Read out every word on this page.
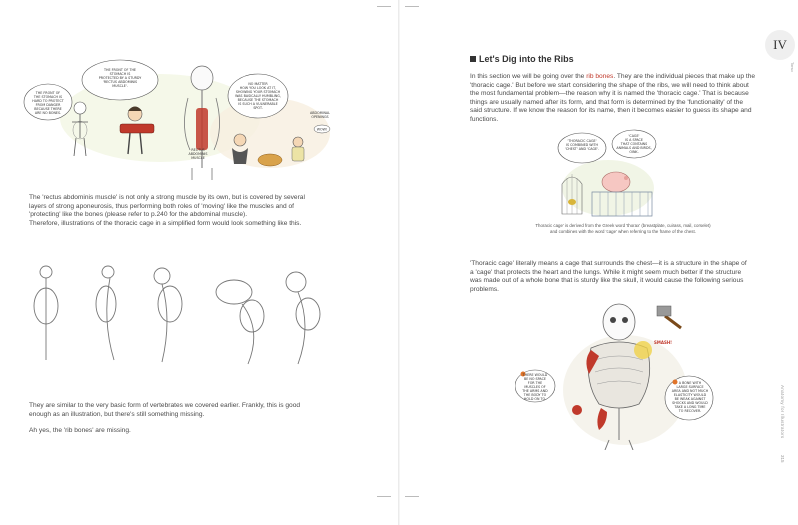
THE FRONT OF THE STOMACH IS HARD TO PROTECT FROM DANGER BECAUSE THERE ARE NO BONES.
THE FRONT OF THE STOMACH IS PROTECTED BY A STURDY 'RECTUS ABDOMINIS MUSCLE'.
RECTUS ABDOMINIS MUSCLE
NO MATTER HOW YOU LOOK AT IT, SHOWING YOUR STOMACH WAS BASICALLY HUMBLING, BECAUSE THE STOMACH IS SUCH A VULNERABLE SPOT.
ABDOMINAL OPENINGS
WOW!

The 'rectus abdominis muscle' is not only a strong muscle by its own, but is covered by several

layers of strong aponeurosis, thus performing both roles of 'moving' like the muscles and of

'protecting' like the bones (please refer to p.240 for the abdominal muscle).

Therefore, illustrations of the thoracic cage in a simplified form would look something like this.

They are similar to the very basic form of vertebrates we covered earlier. Frankly, this is good

enough as an illustration, but there's still something missing.

Ah yes, the 'rib bones' are missing.

IV
Torso
Let's Dig into the Ribs

In this section we will be going over the rib bones. They are the individual pieces that make up the

'thoracic cage.' But before we start considering the shape of the ribs, we will need to think about

the most fundamental problem—the reason why it is named the 'thoracic cage.' That is because

things are usually named after its form, and that form is determined by the 'functionality' of the

said structure. If we know the reason for its name, then it becomes easier to guess its shape and

functions.

'THORACIC CAGE' IS COMBINED WITH 'CHEST' AND 'CAGE'.
'CAGE' IS A SPACE THAT CONTAINS ANIMALS AND BIRDS, OINK.
Thoracic cage' is derived from the Greek word 'thorax' (breastplate, cuirass, mail, corselet)
and combines with the word 'cage' when referring to the frame of the chest.

'Thoracic cage' literally means a cage that surrounds the chest—it is a structure in the shape of

a 'cage' that protects the heart and the lungs. While it might seem much better if the structure

was made out of a whole bone that is sturdy like the skull, it would cause the following serious

problems.

SMASH!
THERE WOULD BE NO SPACE FOR THE MUSCLES OF THE ARMS AND THE BODY TO HOLD ON TO.
A BONE WITH LARGE SURFACE AREA AND NOT MUCH ELASTICITY WOULD BE WEAK AGAINST SHOCKS AND WOULD TAKE A LONG TIME TO RECOVER.	Anatomy for Illustrators
315
